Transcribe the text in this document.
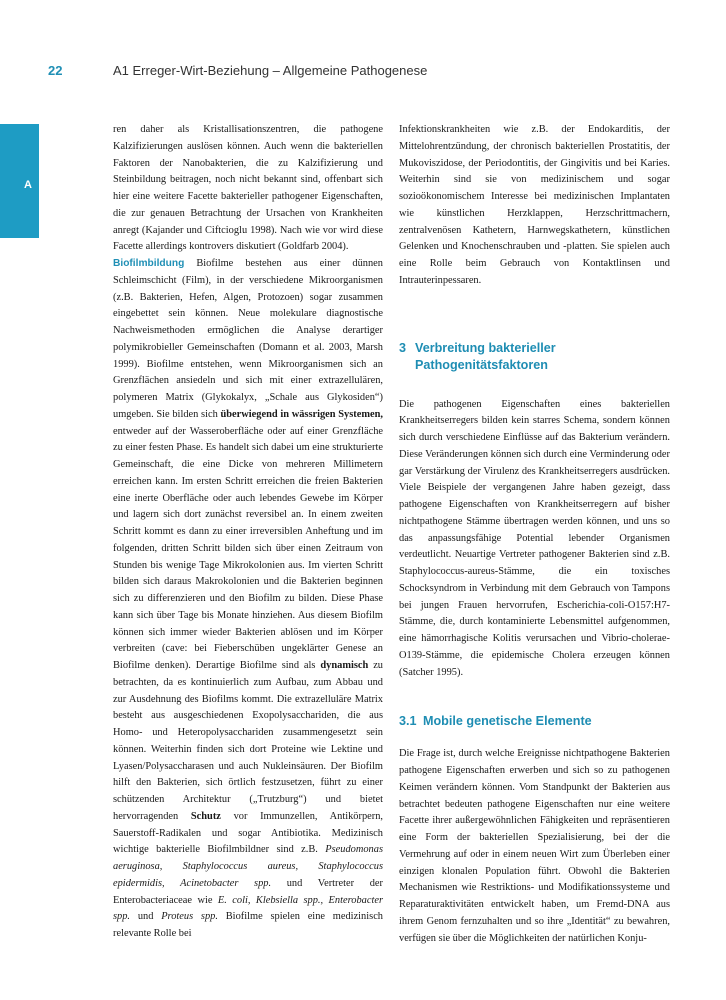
22	A1 Erreger-Wirt-Beziehung – Allgemeine Pathogenese
A

ren daher als Kristallisationszentren, die pathogene Kalzifizierungen auslösen können. Auch wenn die bakteriellen Faktoren der Nanobakterien, die zu Kalzifizierung und Steinbildung beitragen, noch nicht bekannt sind, offenbart sich hier eine weitere Facette bakterieller pathogener Eigenschaften, die zur genauen Betrachtung der Ursachen von Krankheiten anregt (Kajander und Ciftcioglu 1998). Nach wie vor wird diese Facette allerdings kontrovers diskutiert (Goldfarb 2004).

Biofilmbildung Biofilme bestehen aus einer dünnen Schleimschicht (Film), in der verschiedene Mikroorganismen (z.B. Bakterien, Hefen, Algen, Protozoen) sogar zusammen eingebettet sein können. Neue molekulare diagnostische Nachweismethoden ermöglichen die Analyse derartiger polymikrobieller Gemeinschaften (Domann et al. 2003, Marsh 1999). Biofilme entstehen, wenn Mikroorganismen sich an Grenzflächen ansiedeln und sich mit einer extrazellulären, polymeren Matrix (Glykokalyx, „Schale aus Glykosiden“) umgeben. Sie bilden sich überwiegend in wässrigen Systemen, entweder auf der Wasseroberfläche oder auf einer Grenzfläche zu einer festen Phase. Es handelt sich dabei um eine strukturierte Gemeinschaft, die eine Dicke von mehreren Millimetern erreichen kann. Im ersten Schritt erreichen die freien Bakterien eine inerte Oberfläche oder auch lebendes Gewebe im Körper und lagern sich dort zunächst reversibel an. In einem zweiten Schritt kommt es dann zu einer irreversiblen Anheftung und im folgenden, dritten Schritt bilden sich über einen Zeitraum von Stunden bis wenige Tage Mikrokolonien aus. Im vierten Schritt bilden sich daraus Makrokolonien und die Bakterien beginnen sich zu differenzieren und den Biofilm zu bilden. Diese Phase kann sich über Tage bis Monate hinziehen. Aus diesem Biofilm können sich immer wieder Bakterien ablösen und im Körper verbreiten (cave: bei Fieberschüben ungeklärter Genese an Biofilme denken). Derartige Biofilme sind als dynamisch zu betrachten, da es kontinuierlich zum Aufbau, zum Abbau und zur Ausdehnung des Biofilms kommt. Die extrazelluläre Matrix besteht aus ausgeschiedenen Exopolysacchariden, die aus Homo- und Heteropolysacchariden zusammengesetzt sein können. Weiterhin finden sich dort Proteine wie Lektine und Lyasen/Polysaccharasen und auch Nukleinsäuren. Der Biofilm hilft den Bakterien, sich örtlich festzusetzen, führt zu einer schützenden Architektur („Trutzburg“) und bietet hervorragenden Schutz vor Immunzellen, Antikörpern, Sauerstoff-Radikalen und sogar Antibiotika. Medizinisch wichtige bakterielle Biofilmbildner sind z.B. Pseudomonas aeruginosa, Staphylococcus aureus, Staphylococcus epidermidis, Acinetobacter spp. und Vertreter der Enterobacteriaceae wie E. coli, Klebsiella spp., Enterobacter spp. und Proteus spp. Biofilme spielen eine medizinisch relevante Rolle bei

Infektionskrankheiten wie z.B. der Endokarditis, der Mittelohrentzündung, der chronisch bakteriellen Prostatitis, der Mukoviszidose, der Periodontitis, der Gingivitis und bei Karies. Weiterhin sind sie von medizinischem und sogar sozioökonomischem Interesse bei medizinischen Implantaten wie künstlichen Herzklappen, Herzschrittmachern, zentralvenösen Kathetern, Harnwegskathetern, künstlichen Gelenken und Knochenschrauben und -platten. Sie spielen auch eine Rolle beim Gebrauch von Kontaktlinsen und Intrauterinpessaren.

3 Verbreitung bakterieller Pathogenitätsfaktoren

Die pathogenen Eigenschaften eines bakteriellen Krankheitserregers bilden kein starres Schema, sondern können sich durch verschiedene Einflüsse auf das Bakterium verändern. Diese Veränderungen können sich durch eine Verminderung oder gar Verstärkung der Virulenz des Krankheitserregers ausdrücken. Viele Beispiele der vergangenen Jahre haben gezeigt, dass pathogene Eigenschaften von Krankheitserregern auf bisher nichtpathogene Stämme übertragen werden können, und uns so das anpassungsfähige Potential lebender Organismen verdeutlicht. Neuartige Vertreter pathogener Bakterien sind z.B. Staphylococcus-aureus-Stämme, die ein toxisches Schocksyndrom in Verbindung mit dem Gebrauch von Tampons bei jungen Frauen hervorrufen, Escherichia-coli-O157:H7-Stämme, die, durch kontaminierte Lebensmittel aufgenommen, eine hämorrhagische Kolitis verursachen und Vibrio-cholerae-O139-Stämme, die epidemische Cholera erzeugen können (Satcher 1995).

3.1 Mobile genetische Elemente

Die Frage ist, durch welche Ereignisse nichtpathogene Bakterien pathogene Eigenschaften erwerben und sich so zu pathogenen Keimen verändern können. Vom Standpunkt der Bakterien aus betrachtet bedeuten pathogene Eigenschaften nur eine weitere Facette ihrer außergewöhnlichen Fähigkeiten und repräsentieren eine Form der bakteriellen Spezialisierung, bei der die Vermehrung auf oder in einem neuen Wirt zum Überleben einer einzigen klonalen Population führt. Obwohl die Bakterien Mechanismen wie Restriktions- und Modifikationssysteme und Reparaturaktivitäten entwickelt haben, um Fremd-DNA aus ihrem Genom fernzuhalten und so ihre „Identität“ zu bewahren, verfügen sie über die Möglichkeiten der natürlichen Konju-
